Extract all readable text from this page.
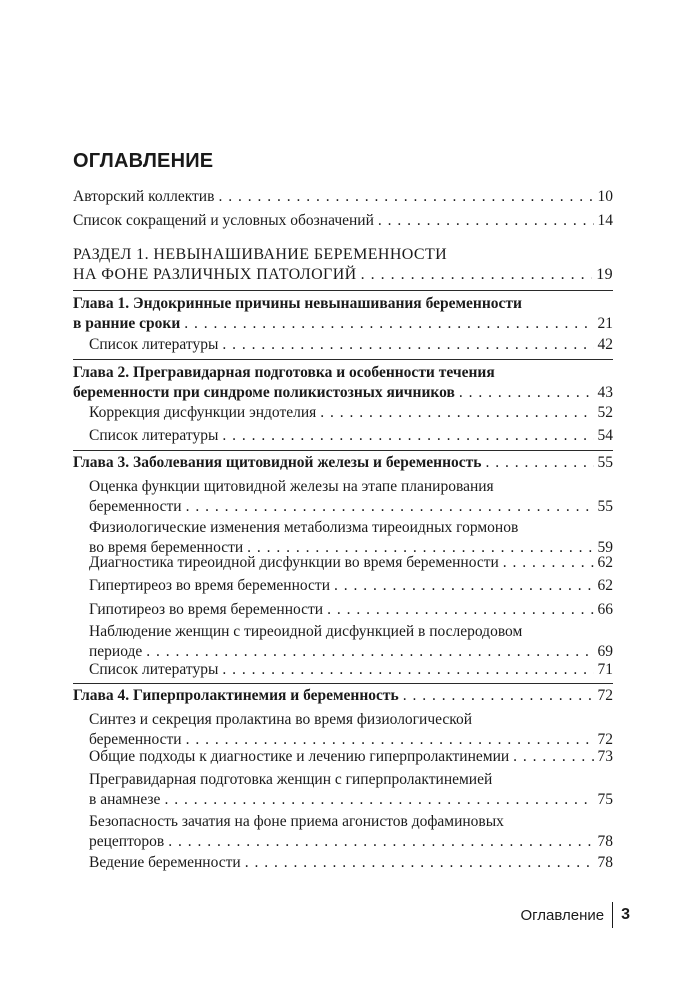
ОГЛАВЛЕНИЕ
Авторский коллектив . . .	10
Список сокращений и условных обозначений . . .	14
РАЗДЕЛ 1. НЕВЫНАШИВАНИЕ БЕРЕМЕННОСТИ
НА ФОНЕ РАЗЛИЧНЫХ ПАТОЛОГИЙ . . .	19
Глава 1. Эндокринные причины невынашивания беременности
в ранние сроки . . .	21
Список литературы . . .	42
Глава 2. Прегравидарная подготовка и особенности течения
беременности при синдроме поликистозных яичников . . .	43
Коррекция дисфункции эндотелия . . .	52
Список литературы . . .	54
Глава 3. Заболевания щитовидной железы и беременность . . .	55
Оценка функции щитовидной железы на этапе планирования
беременности . . .	55
Физиологические изменения метаболизма тиреоидных гормонов
во время беременности . . .	59
Диагностика тиреоидной дисфункции во время беременности . . .	62
Гипертиреоз во время беременности . . .	62
Гипотиреоз во время беременности . . .	66
Наблюдение женщин с тиреоидной дисфункцией в послеродовом
периоде . . .	69
Список литературы . . .	71
Глава 4. Гиперпролактинемия и беременность . . .	72
Синтез и секреция пролактина во время физиологической
беременности . . .	72
Общие подходы к диагностике и лечению гиперпролактинемии . . .	73
Прегравидарная подготовка женщин с гиперпролактинемией
в анамнезе . . .	75
Безопасность зачатия на фоне приема агонистов дофаминовых
рецепторов . . .	78
Ведение беременности . . .	78
Оглавление 3
